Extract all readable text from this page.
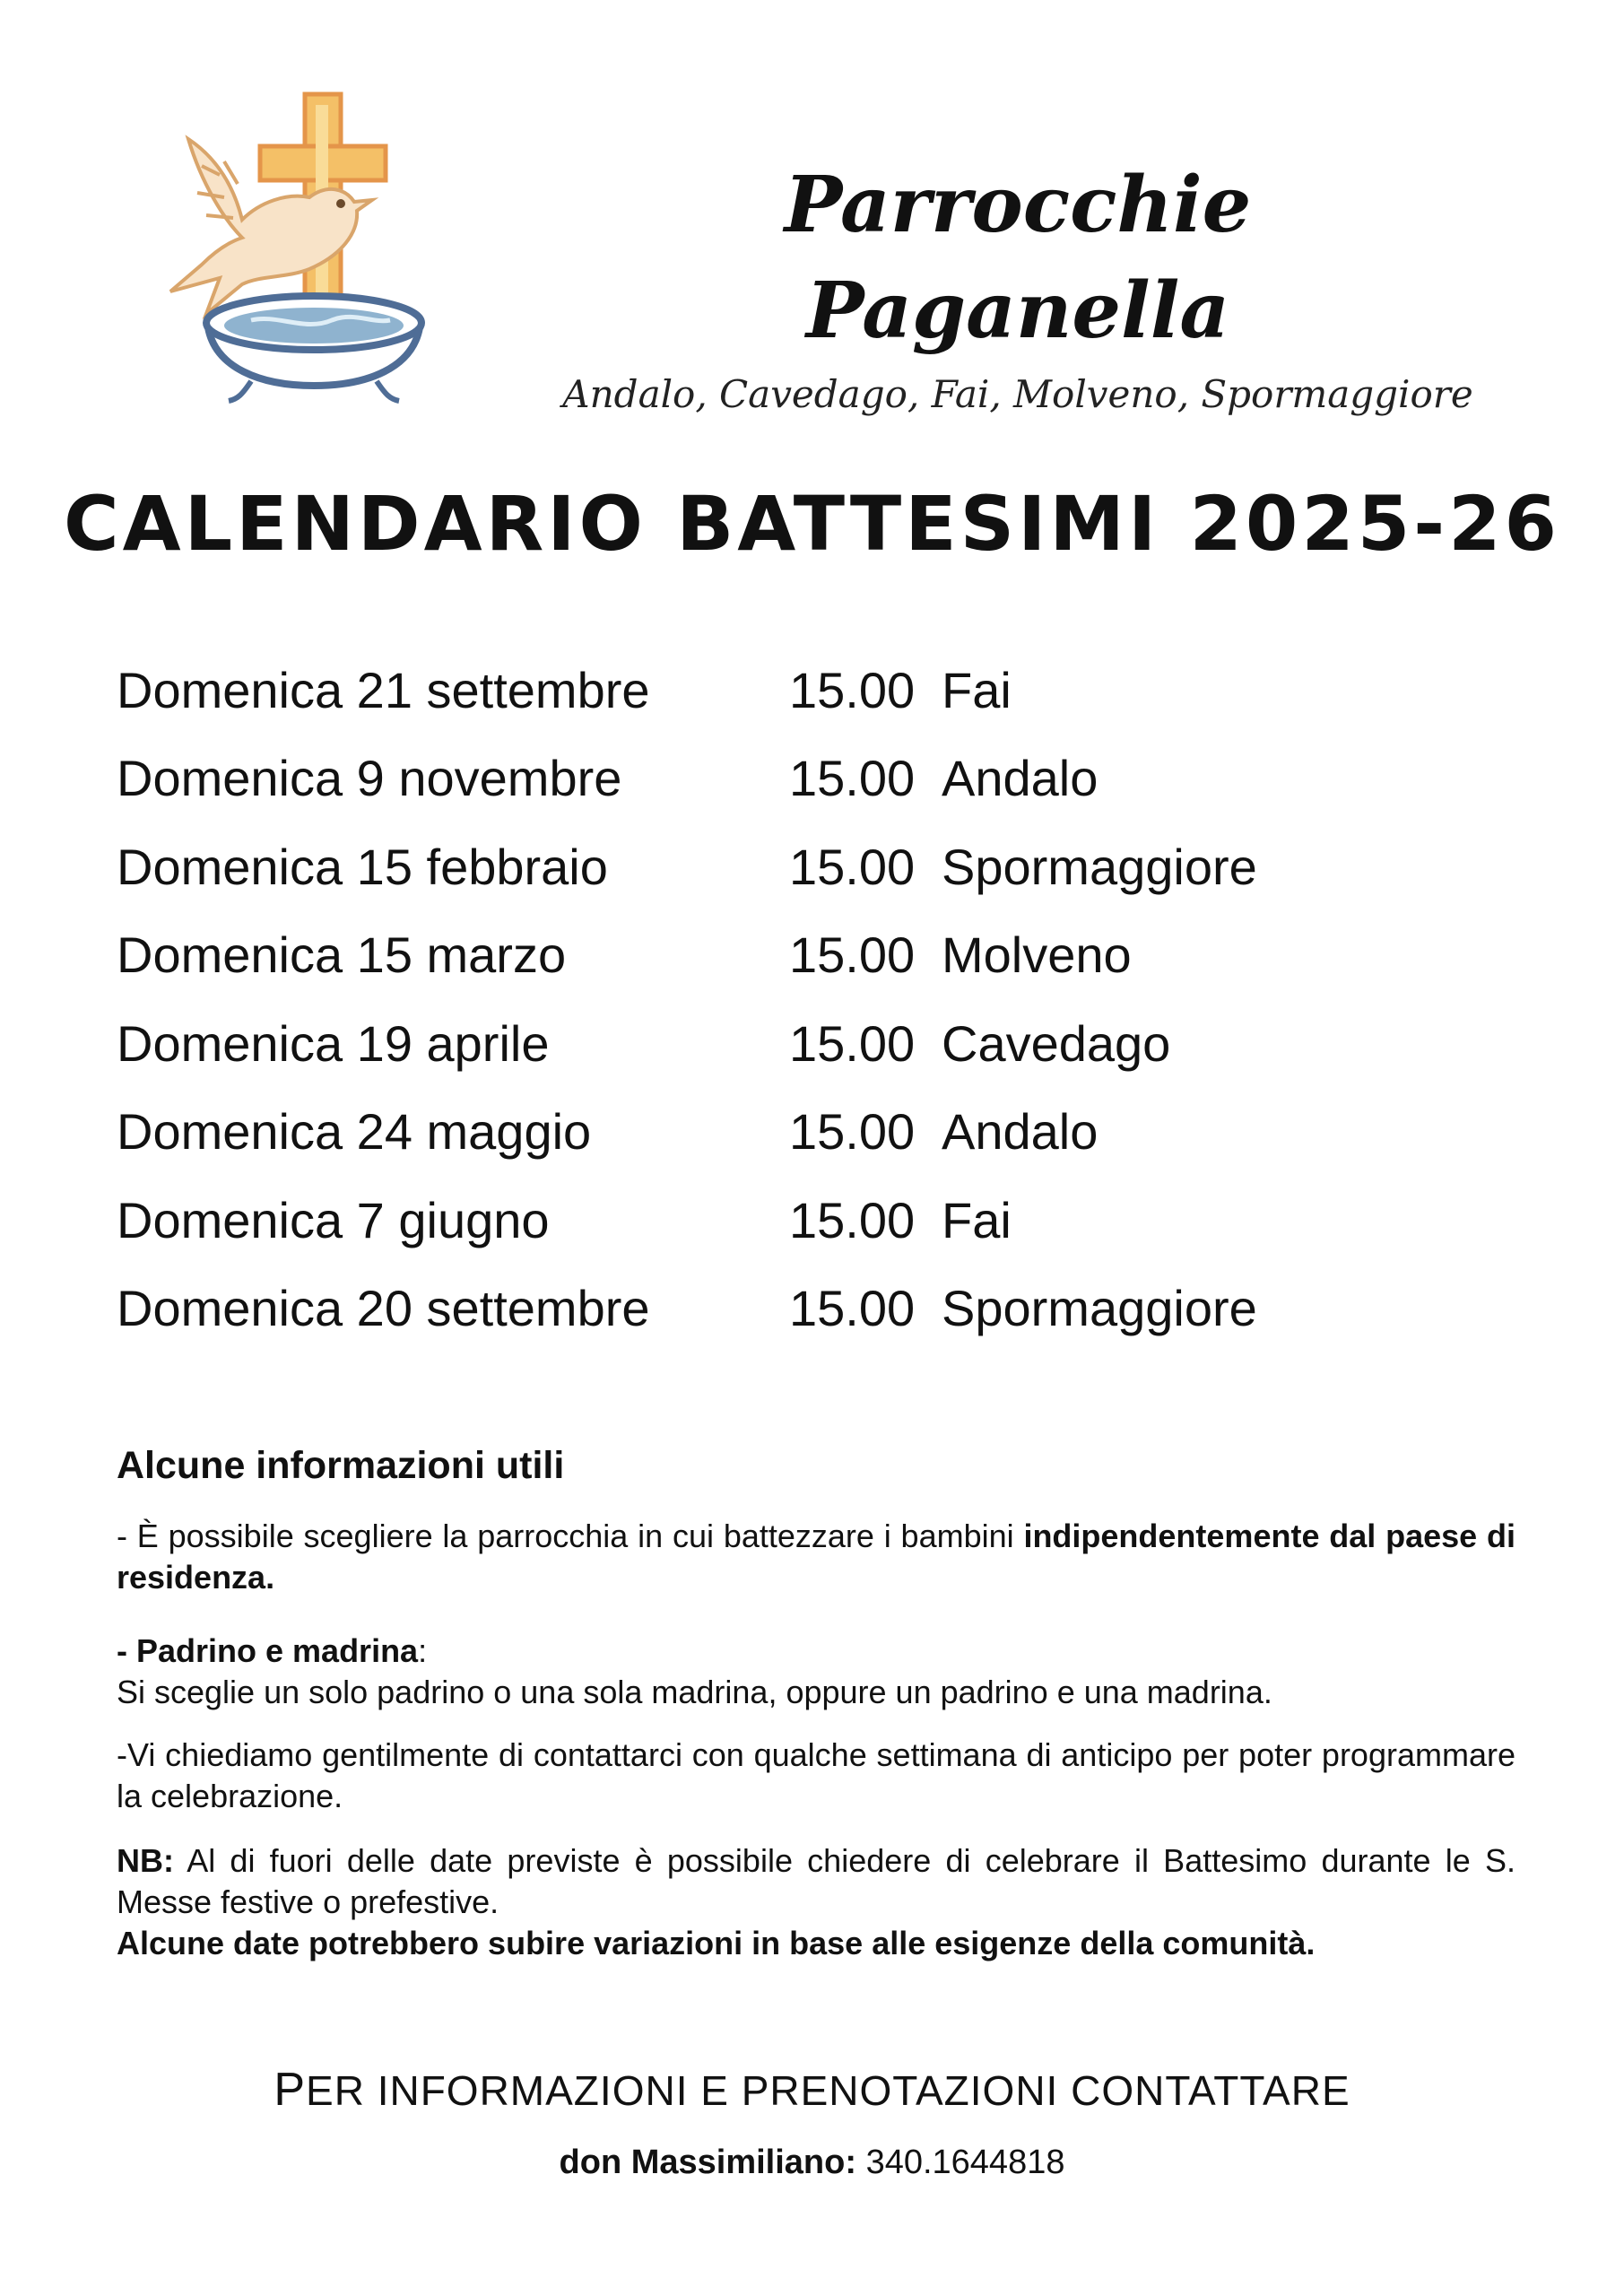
Parrocchie
Paganella
Andalo, Cavedago, Fai, Molveno, Spormaggiore
CALENDARIO BATTESIMI 2025-26
Domenica 21 settembre	15.00 Fai
Domenica 9 novembre	15.00 Andalo
Domenica 15 febbraio	15.00 Spormaggiore
Domenica 15 marzo	15.00 Molveno
Domenica 19 aprile	15.00 Cavedago
Domenica 24 maggio	15.00 Andalo
Domenica 7 giugno	15.00 Fai
Domenica 20 settembre	15.00 Spormaggiore
Alcune informazioni utili
- È possibile scegliere la parrocchia in cui battezzare i bambini indipendentemente dal paese di residenza.
- Padrino e madrina:
Si sceglie un solo padrino o una sola madrina, oppure un padrino e una madrina.
-Vi chiediamo gentilmente di contattarci con qualche settimana di anticipo per poter programmare la celebrazione.
NB: Al di fuori delle date previste è possibile chiedere di celebrare il Battesimo durante le S. Messe festive o prefestive.
Alcune date potrebbero subire variazioni in base alle esigenze della comunità.
PER INFORMAZIONI E PRENOTAZIONI CONTATTARE
don Massimiliano: 340.1644818
